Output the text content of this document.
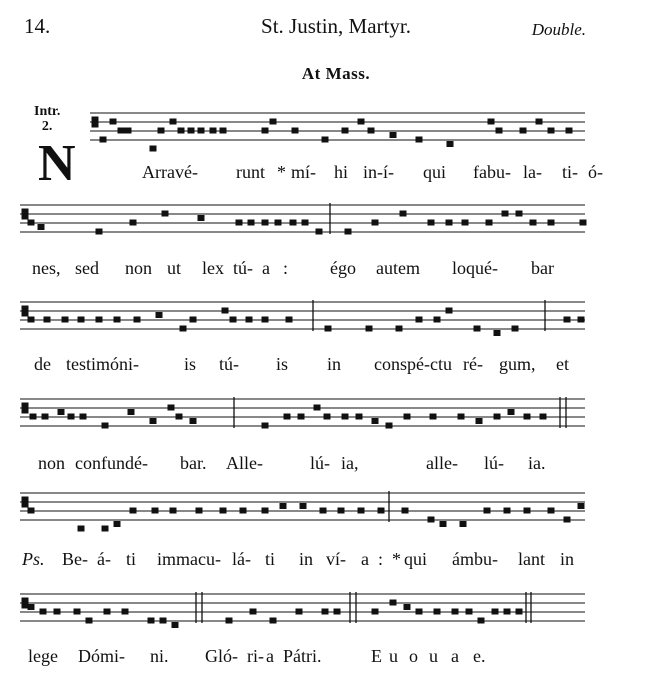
14.	St. Justin, Martyr.	Double.
At Mass.
Intr.
2.
N	Arravé- runt * mí- hi in-í- qui fabu- la- ti- ó-
nes, sed non ut lex tú- a : égo autem loqué- bar
de testimóni-	is tú- is in conspé-ctu ré- gum, et
non confundé- bar. Alle-	lú- ia,	alle- lú- ia.
Ps. Be- á- ti immacu- lá- ti in ví- a : * qui ámbu- lant in
lege Dómi- ni. Gló- ri- a Pátri.	E u o u a e.
